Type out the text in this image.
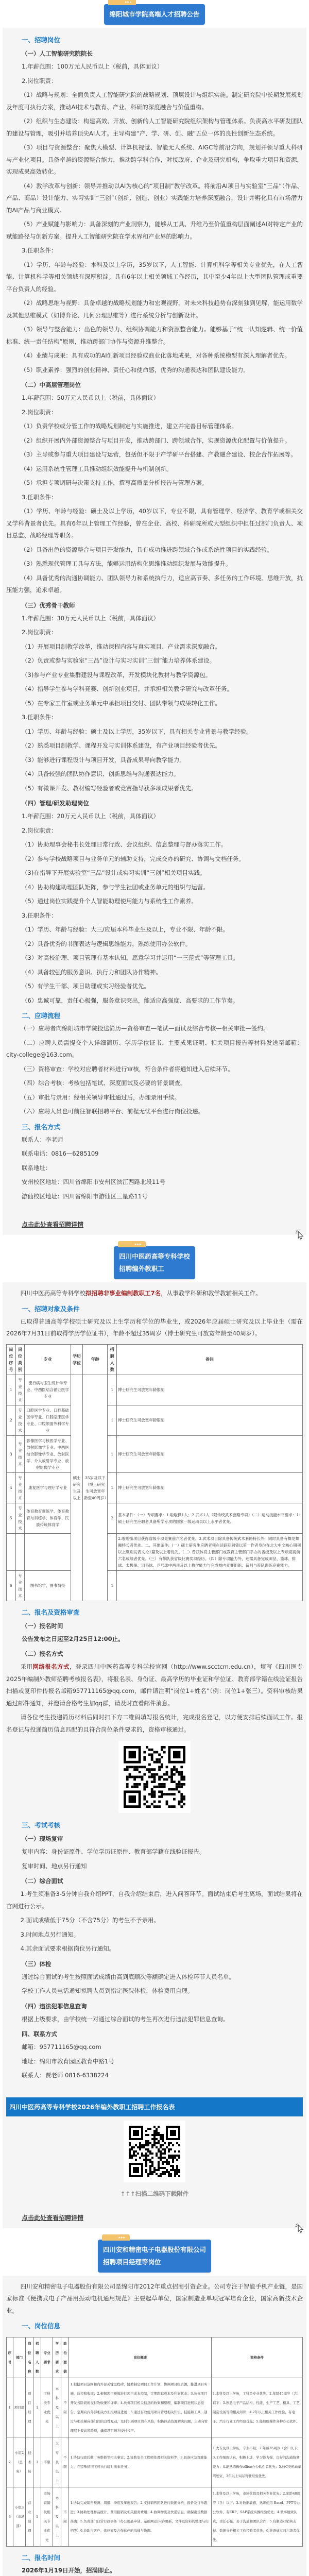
▸▸▸
绵阳城市学院高端人才招聘公告
一、招聘岗位
（一）人工智能研究院院长

1.年薪范围：100万元人民币以上（税前，具体面议）

2.岗位职责：

（1）战略与规划：全面负责人工智能研究院的战略规划、顶层设计与组织实施。制定研究院中长期发展规划及年度可执行方案，推动AI技术与教育、产业、科研的深度融合与价值重构。

（2）组织与生态建设：构建高效、开放、创新的人工智能研究院组织架构与管理体系。负责高水平研发团队的建设与管理，吸引并培养顶尖AI人才。主导构建“产、学、研、创、融”五位一体的良性创新生态系统。

（3）项目与资源整合：聚焦大模型、计算机视觉、智能无人系统、AIGC等前沿方向，规划并领导重大科研与产业化项目。具备卓越的资源整合能力，推动跨学科合作，对接政府、企业及研究机构，争取重大项目和资源，实现成果高效转化。

（4）教学改革与创新：领导并推动以AI为核心的“项目制”教学改革。将前沿AI项目与实验室“三品”（作品、产品、商品）设计能力、实习实训“三创”（创新、创造、创业）实践能力培养深度融合，设计并孵化具有市场潜力的AI产品与商业模式。

（5）产业赋能与影响力：具备深刻的产业洞察力，能够从工具、升维乃至价值重构层面阐述AI对特定产业的赋能路径与创新方案。提升人工智能研究院在学术界和产业界的影响力。

3.任职条件：

（1）学历、年龄与经验：本科及以上学历，35岁以下，人工智能、计算机科学等相关专业优先，在人工智能、计算机科学等相关领域有深厚积淀。具有6年以上相关领域工作经历，其中至少4年以上大型团队管理或重要平台负责人的经验。

（2）战略思维与视野：具备卓越的战略规划能力和宏观视野。对未来科技趋势有深刻独到见解，能运用数学及其他思维模式（如博弈论、几何公理思维等）进行系统分析与创新设计。

（3）领导与整合能力：出色的领导力、组织协调能力和资源整合能力。能够基于“统一认知逻辑、统一价值标准、统一责任结构”原则，推动跨部门协作与资源升维整合。

（4）业绩与成果：具有成功的AI创新项目经验或商业化落地成果，对各种系统模型有深入理解者优先。

（5）职业素养：强烈的创业精神、责任心和使命感，优秀的沟通表达和团队建设能力。

（二）中高层管理岗位

1.年薪范围：50万元人民币以上（税前，具体面议）

2.岗位职责：

（1）负责学校或分管工作的战略规划制定与实施推进，建立并完善目标管理体系。

（2）组织开展内外部资源整合与项目开发，推动跨部门、跨领域合作，实现资源优化配置与价值提升。

（3）主导或参与重大项目建设与运营，包括但不限于产学研平台搭建、产教融合建设、校企合作拓展等。

（4）运用系统性管理工具推动组织效能提升与机制创新。

（5）承担专项调研与决策支持工作，撰写高质量分析报告与管理方案。

3.任职条件：

（1）学历、年龄与经验：硕士及以上学历，40岁以下，专业不限，具有管理学、经济学、教育学或相关交叉学科背景者优先。具有6年以上管理工作经验，曾在企业、高校、科研院所或大型组织中担任过部门负责人、项目总监、战略经理等职务。

（2）具备出色的资源整合与项目开发能力，具有成功推进跨领域合作或系统性项目的实践经验。

（3）熟悉现代管理工具与方法，能够运用结构化思维推动组织发展与效能提升。

（4）具备优秀的沟通协调能力、团队领导力和系统执行力，适应高节奏、多任务的工作环境。思维开放，抗压能力强，追求卓越。

（三）优秀骨干教师

1.年薪范围：30万元人民币以上（税前，具体面议）

2.岗位职责：

（1）开展项目制教学改革，推动课程内容与真实项目、产业需求深度融合。

（2）负责或参与实验室“三品”设计与实习实训“三创”能力培养体系建设。

（3)参与产业专业集群建设与课程改革，开发模块化教材与教学资源包。

（4）指导学生参与学科竞赛、创新创业项目，并承担相关教学研究与改革任务。

（5）在专家工作室或业务单元中承担项目交付、团队带领与成果转化工作。

3.任职条件：

（1）学历、年龄与经验：硕士及以上学历，35岁以下，具有相关专业背景与教学经验。

（2）熟悉项目制教学、课程开发与实训体系建设，有产业项目经验者优先。

（3）能够进行课程设计与项目开发，具备成果导向教学能力。

（4）具备较强的团队协作意识、创新思维与沟通表达能力。

（5）有微课开发、教材编写经验者或竞赛指导获多项成果者优先。

（四）管理/研发助理岗位

1.年薪范围：20万元人民币以上（税前，具体面议）

2.岗位职责：

（1）协助理事会秘书长处理日常行政、会议组织、信息整理与督办落实工作。

（2）参与学校战略项目与业务单元的辅助支持，完成交办的研究、协调与文档任务。

（3)在指导下开展实验室“三品”设计或实习实训“三创”相关项目实践。

（4）协助构建助理团队矩阵，参与学生社团或业务单元的组织与运营。

（5）通过岗位实践提升个人智能助理使用能力与系统性工作素养。

3.任职条件：

（1）学历、年龄与经验：大三/应届本科毕业生及以上，专业不限、年龄不限。

（2）具备优秀的书面表达与逻辑思维能力，熟练使用办公软件。

（3）对高校治理、项目管理有基本认知，愿意学习并运用“一三范式”等管理工具。

（4）具备较强的服务意识、执行力和团队协作精神。

（5）有学生干部、项目助理或实习经验者优先。

（6）忠诚可靠，责任心极强，服务意识突出，能适应高强度、高要求的工作节奏。

二、应聘流程

（一）应聘者向绵阳城市学院投送简历—资格审查—笔试—面试及综合考核—相关审批—签约。

（二）应聘人员需提交个人详细简历、学历学位证书、主要成果证明、相关项目报告等材料发送至邮箱：city-college@163.com。

（三）资格审查：学校对应聘者材料进行审核，符合条件者将通知进入后续环节。

（四）综合考核：考核包括笔试、深度面试及必要的背景调查。

（五）审批与录用：经相关领导审批通过后，办理录用手续。

（六）应聘人员也可前往智联招聘平台、前程无忧平台进行岗位投递。

三、报名方式

联系人：李老师

联系电话：0816—6285109

联系地址：

安州校区地址：四川省绵阳市安州区滨江西路北段11号

游仙校区地址：四川省绵阳市游仙区三星路11号

点击此处查看招聘详情
▸▸▸
四川中医药高等专科学校
招聘编外教职工

四川中医药高等专科学校拟招聘非事业编制教职工7名，从事教学科研和教学教辅相关工作。

一、招聘对象及条件

已取得普通高等学校硕士研究及以上生学历和学位的毕业生，或2026年应届硕士研究及以上毕业生（需在2026年7月31日前取得学历学位证书），年龄不超过35周岁（博士研究生可放宽年龄至40周岁）。

岗位序号	岗位类别	专业	学历学位	年龄	招聘人数	备注
1	专业技术	流行病与卫生统计学专业、中西医结合循证医学专业	硕士研究生及以上	35岁及以下（博士研究生可放宽年龄至40周岁）	1	博士研究生可放宽年龄限制
2	专业技术	口腔医学专业、口腔基础医学专业、口腔临床医学专业、口腔颌面外科学专业			1	博士研究生可放宽年龄限制
3	专业技术	影像医学与核医学专业、放射影像学专业、中西医结合影像学专业、放射医学、介入放射学专业、放射影像学专业			1	博士研究生可放宽年龄限制
4	专业技术	康复医学与理疗学专业			1	博士研究生可放宽年龄限制
5	专业技术	体育教育训练学、体育教育与训练学、体育学、民族传统体育学			2	基本条件：（一）专项要求：1.啦啦操1人；2.武术1人（限传统武术套路专项）（二）运动技能水平要求：1.硕士研究生应聘者具备所学专项的国家一级运动员以上水平者优先。
						2.啦啦操项目获得省级专项竞赛前六名者优先。3.武术项目除具备传统武术套路特长外，同时具备有舞龙舞狮特长者优先。二、其他条件:（一）硕士研究生应聘者须在读研期间曾以第一作者身份在北大中文核心期刊以上级别发表文论1篇及以上者优先。（二）曾获体育主管部门或教育主管部门举办的省级及以上专项竞赛前六名成绩者优先。（三）有带队获省级比赛奖项经历。（四）除专项能力外，还需具备完成田径、篮球、排球、太极拳、羽毛球、乒乓球中两项及以上教学能力与完成校内竞赛组织、裁判与带队训练竞赛能力。
6	专业技术	图书馆学、图书情报			1	
二、报名及资格审查
（一）报名时间

公告发布之日起至2月25日12:00止。

（二）报名方式

采用网络报名方式，登录四川中医药高等专科学校官网（http://www.scctcm.edu.cn），填写《四川医专2025年编制外教师招聘考核报名表》，将报名表、身份证、最高学历的毕业证和学位证、教育部学籍在线验证报告扫描或复印件传报名邮箱957711165@qq.com，邮件请注明“岗位1+姓名”（例：岗位1+张三）。资料审核结果通过邮件通知，并邀请合格考生加qq群，请及时查看邮件消息。

请各位考生投递简历材料后同时扫下方二维码填写报名统计，完成报名登记，以方便安排后续面试工作。报名登记与投递简历信息匹配的且符合岗位条件要求的，资格审核通过。

三、考试考核
（一）现场复审

复审内容：身份证原件、学位学历证原件、教育部学籍在线验证报告。

复审时间、地点另行通知

（二）综合面试

1.考生须准备3-5分钟自我介绍PPT，自我介绍结束后，进入问答环节。面试结束后考生离场，面试结果将在官网进行公示。

2.面试成绩低于75分（不含75分）的考生不予录用。

3.时间地点另行通知。

4.其余面试要求根据岗位另行通知。

（三）体检

通过综合面试的考生按照面试成绩由高到底顺次等额确定进入体检环节人员名单。

学校工作人员电话通知拟聘人员到指定医院体检，体检费用自理。

（四）违法犯罪信息查询

根据上级要求，由学校统一对通过综合面试的考生再次进行违法犯罪信息查询。

四、联系方式

邮箱：957711165@qq.com

地址：绵阳市教育园区教育中路1号

联系人：贾老师 0816-6338224

四川中医药高等专科学校2026年编外教职工招聘工作报名表
↑↑↑扫描二维码下载附件
点击此处查看招聘详情
▸▸▸
四川安和精密电子电器股份有限公司
招聘项目经理等岗位

四川安和精密电子电器股份有限公司是绵阳市2012年重点招商引资企业。公司专注于智能手机产业链，是国家标准《便携式电子产品用振动电机通用规范》主要起草单位，国家制造业单项冠军培育企业，国家高新技术企业。

一、岗位信息
序号	部门	岗位名称	招聘人数	专业要求	学历要求	政治面貌	岗位概述	资格条件
1	项目部	项目经理	1	工科类专业优先	本科及以上	不限	1.根据项目范围和内外部关键里程碑，协助制定项目工作计划，协调项目组资源，推进项目实施、监控和收尾；2.根据项目预算进行项目成本控制，定期跟踪成本及利润状态；3.负责项目开发各阶段的交付物收集和评审；4.负责项目相关信息的收集和整理，编制项目进展状态报告，定期向内外部相关方汇报项目进展；5.通过有效使用项目管理相关知识、技能和工具，通过与相关横向部门间的良性互动，及时识别项目潜在风险，积极拉动资源解决问题，主动向管理层上报高风险项，确保项目顺利交付投产。	1.本科及以上学历，工科类专业优先；2.年龄45周岁（含）以下；3.熟悉电子产品结构、性能、生产工艺、模具、工艺制造设备等的相关知识；4.2年以上相关工作经验，有电子、汽车行业工作经验优先；5.能熟练操作各种办公软件。
2	小组2（总务）	技术员	1	不限	大专及以上	不限	1.协助行政后勤厂务维修等相关事宜；2.协助安全工程师处理相关资料等；3.具备应急驾驶能力，在特殊情况下可执行临时出车任务；	1.大专及以上学历，专业不限；2.年龄35周岁（含）以下；3.工作细致认真，积极上进，学习能力强，良好的沟通协调能力；4.能熟练操作office办公软件者优先；5.持C类机动车驾驶证，3年以上实际驾驶经验优先。
3	小组3（市场部）	营业助理	1	市场营销及相关专业优先	本科及以上	不限	1.协助完成销售预测、周报、季度及年度报告；2.支持销售团队进行数据分析、报价及订单跟进；3.协助处理样品统计、费用报销及相关服务费用；4.协调物流及快递信息，确保出货数据准确；5.负责部门日常行政事务（办公用品申请、基础网站/内容更新、文件及资料的整理与归档等）6.协助与客户、供应商及合作伙伴的沟通与协调。	1.本科及以上学历，市场营销及相关专业优先；2.年龄40周岁（含）以下；3.对数据敏感，熟练使用 Excel、PPT等办公软件，有ERP、SAP系统实操经验优先；4.做事细致认真，责任心强，善于沟通和团队合作；5.有制造业销售支持、数据分析相关工作经验者优先；6.英语通过四六级者优先。
二、报名时间

2026年1月19日开始，招满即止。
